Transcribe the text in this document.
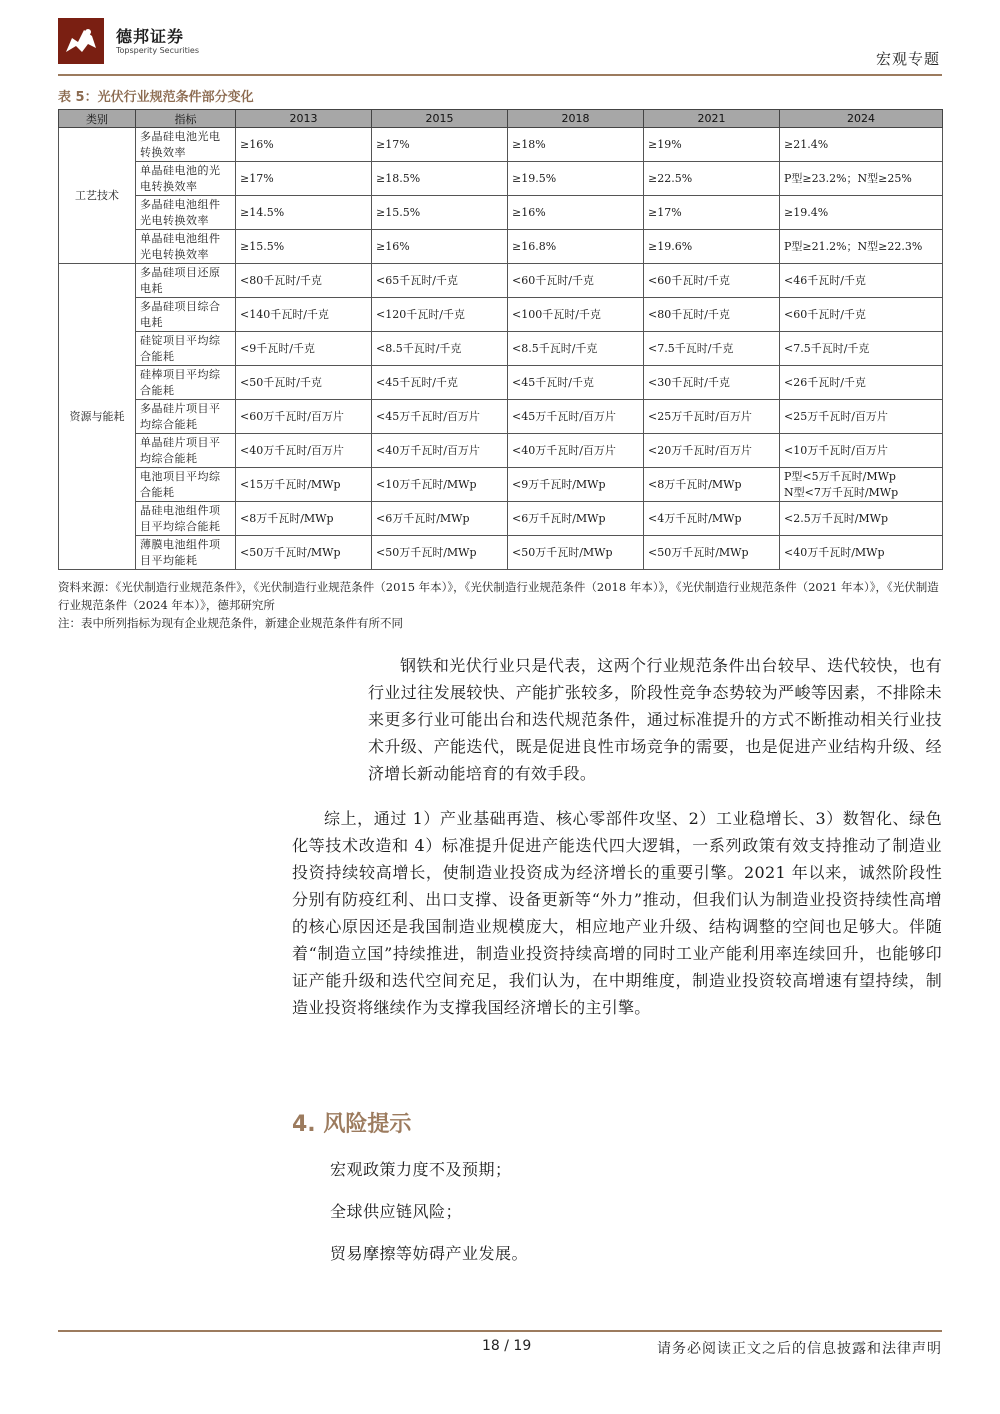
德邦证券
Topsperity Securities	宏观专题
表 5：光伏行业规范条件部分变化
类别	指标	2013	2015	2018	2021	2024
工艺技术	多晶硅电池光电转换效率	≥16%	≥17%	≥18%	≥19%	≥21.4%
	单晶硅电池的光电转换效率	≥17%	≥18.5%	≥19.5%	≥22.5%	P型≥23.2%；N型≥25%
	多晶硅电池组件光电转换效率	≥14.5%	≥15.5%	≥16%	≥17%	≥19.4%
	单晶硅电池组件光电转换效率	≥15.5%	≥16%	≥16.8%	≥19.6%	P型≥21.2%；N型≥22.3%
资源与能耗	多晶硅项目还原电耗	<80千瓦时/千克	<65千瓦时/千克	<60千瓦时/千克	<60千瓦时/千克	<46千瓦时/千克
	多晶硅项目综合电耗	<140千瓦时/千克	<120千瓦时/千克	<100千瓦时/千克	<80千瓦时/千克	<60千瓦时/千克
	硅锭项目平均综合能耗	<9千瓦时/千克	<8.5千瓦时/千克	<8.5千瓦时/千克	<7.5千瓦时/千克	<7.5千瓦时/千克
	硅棒项目平均综合能耗	<50千瓦时/千克	<45千瓦时/千克	<45千瓦时/千克	<30千瓦时/千克	<26千瓦时/千克
	多晶硅片项目平均综合能耗	<60万千瓦时/百万片	<45万千瓦时/百万片	<45万千瓦时/百万片	<25万千瓦时/百万片	<25万千瓦时/百万片
	单晶硅片项目平均综合能耗	<40万千瓦时/百万片	<40万千瓦时/百万片	<40万千瓦时/百万片	<20万千瓦时/百万片	<10万千瓦时/百万片
	电池项目平均综合能耗	<15万千瓦时/MWp	<10万千瓦时/MWp	<9万千瓦时/MWp	<8万千瓦时/MWp	P型<5万千瓦时/MWp
N型<7万千瓦时/MWp
	晶硅电池组件项目平均综合能耗	<8万千瓦时/MWp	<6万千瓦时/MWp	<6万千瓦时/MWp	<4万千瓦时/MWp	<2.5万千瓦时/MWp
	薄膜电池组件项目平均能耗	<50万千瓦时/MWp	<50万千瓦时/MWp	<50万千瓦时/MWp	<50万千瓦时/MWp	<40万千瓦时/MWp
资料来源：《光伏制造行业规范条件》，《光伏制造行业规范条件（2015 年本）》，《光伏制造行业规范条件（2018 年本）》，《光伏制造行业规范条件（2021 年本）》，《光伏制造行业规范条件（2024 年本）》，德邦研究所
注：表中所列指标为现有企业规范条件，新建企业规范条件有所不同
钢铁和光伏行业只是代表，这两个行业规范条件出台较早、迭代较快，也有行业过往发展较快、产能扩张较多，阶段性竞争态势较为严峻等因素，不排除未来更多行业可能出台和迭代规范条件，通过标准提升的方式不断推动相关行业技术升级、产能迭代，既是促进良性市场竞争的需要，也是促进产业结构升级、经济增长新动能培育的有效手段。
综上，通过 1）产业基础再造、核心零部件攻坚、2）工业稳增长、3）数智化、绿色化等技术改造和 4）标准提升促进产能迭代四大逻辑，一系列政策有效支持推动了制造业投资持续较高增长，使制造业投资成为经济增长的重要引擎。2021 年以来，诚然阶段性分别有防疫红利、出口支撑、设备更新等“外力”推动，但我们认为制造业投资持续性高增的核心原因还是我国制造业规模庞大，相应地产业升级、结构调整的空间也足够大。伴随着“制造立国”持续推进，制造业投资持续高增的同时工业产能利用率连续回升，也能够印证产能升级和迭代空间充足，我们认为，在中期维度，制造业投资较高增速有望持续，制造业投资将继续作为支撑我国经济增长的主引擎。
4. 风险提示
宏观政策力度不及预期；
全球供应链风险；
贸易摩擦等妨碍产业发展。
18 / 19	请务必阅读正文之后的信息披露和法律声明
